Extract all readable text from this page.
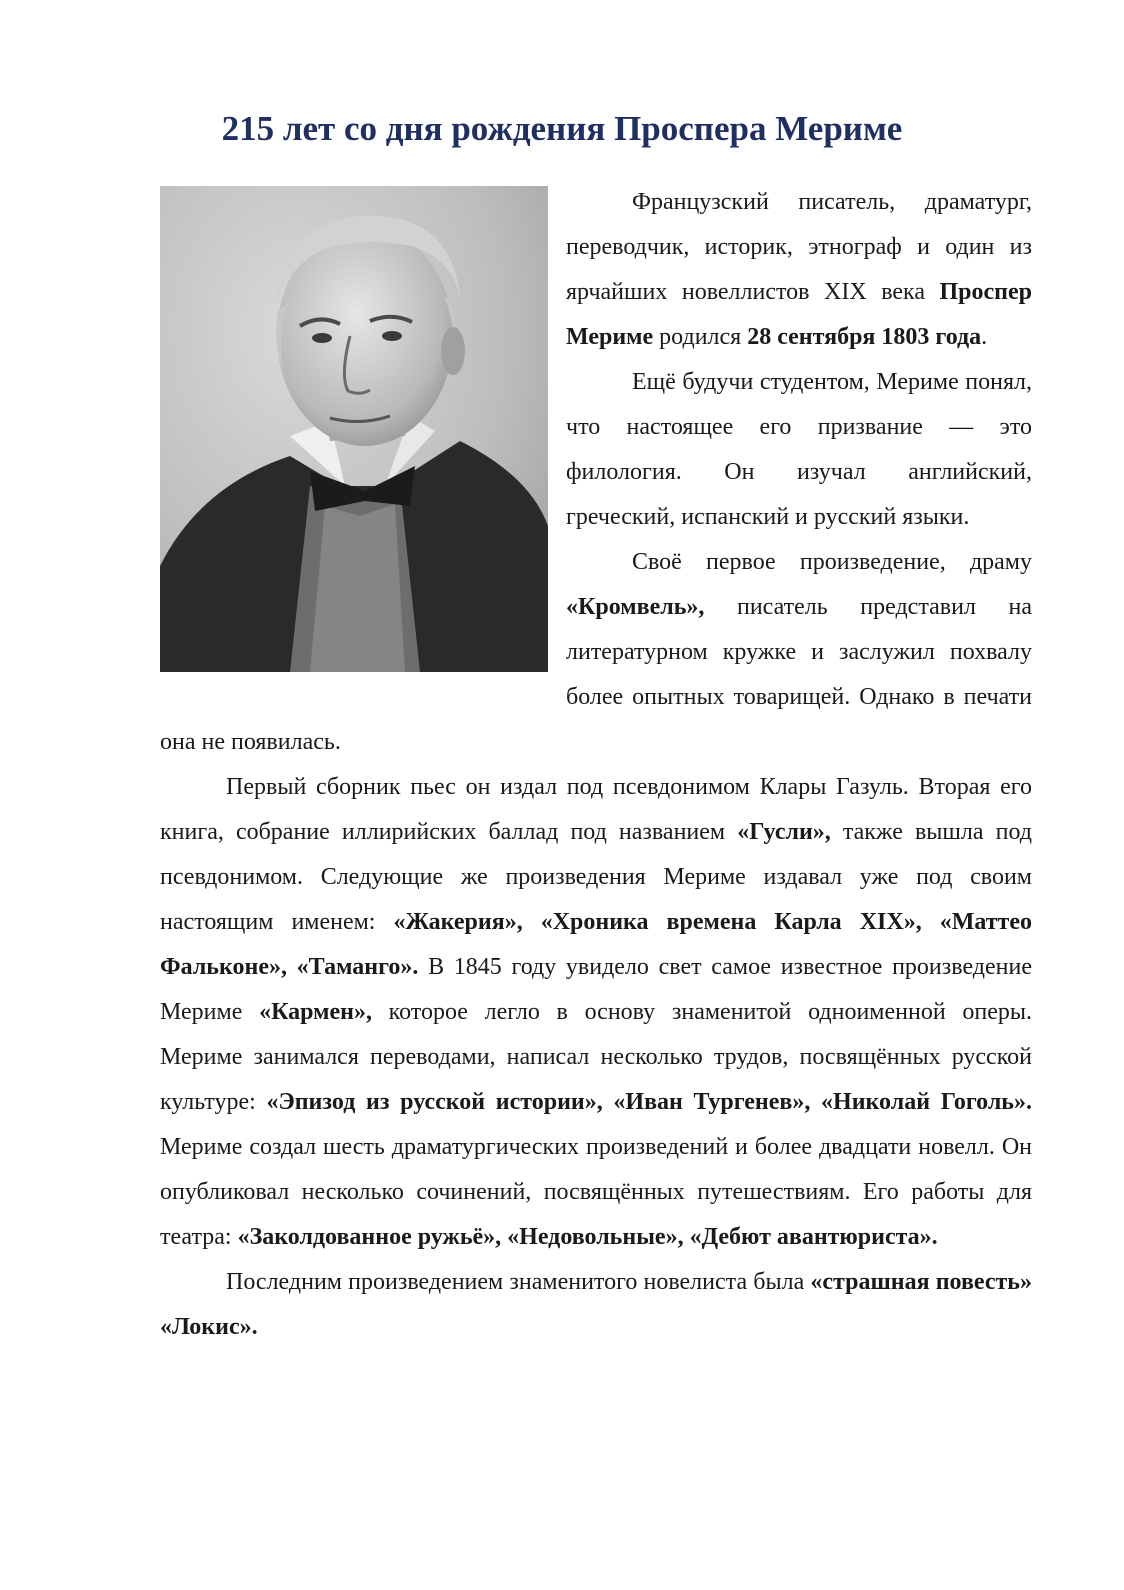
215 лет со дня рождения Проспера Мериме

Французский писатель, драматург, переводчик, историк, этнограф и один из ярчайших новеллистов XIX века Проспер Мериме родился 28 сентября 1803 года.

Ещё будучи студентом, Мериме понял, что настоящее его призвание — это филология. Он изучал английский, греческий, испанский и русский языки.

Своё первое произведение, драму «Кромвель», писатель представил на литературном кружке и заслужил похвалу более опытных товарищей. Однако в печати она не появилась.

Первый сборник пьес он издал под псевдонимом Клары Газуль. Вторая его книга, собрание иллирийских баллад под названием «Гусли», также вышла под псевдонимом. Следующие же произведения Мериме издавал уже под своим настоящим именем: «Жакерия», «Хроника времена Карла XIX», «Маттео Фальконе», «Таманго». В 1845 году увидело свет самое известное произведение Мериме «Кармен», которое легло в основу знаменитой одноименной оперы. Мериме занимался переводами, написал несколько трудов, посвящённых русской культуре: «Эпизод из русской истории», «Иван Тургенев», «Николай Гоголь». Мериме создал шесть драматургических произведений и более двадцати новелл. Он опубликовал несколько сочинений, посвящённых путешествиям. Его работы для театра: «Заколдованное ружьё», «Недовольные», «Дебют авантюриста».

Последним произведением знаменитого новелиста была «страшная повесть» «Локис».
